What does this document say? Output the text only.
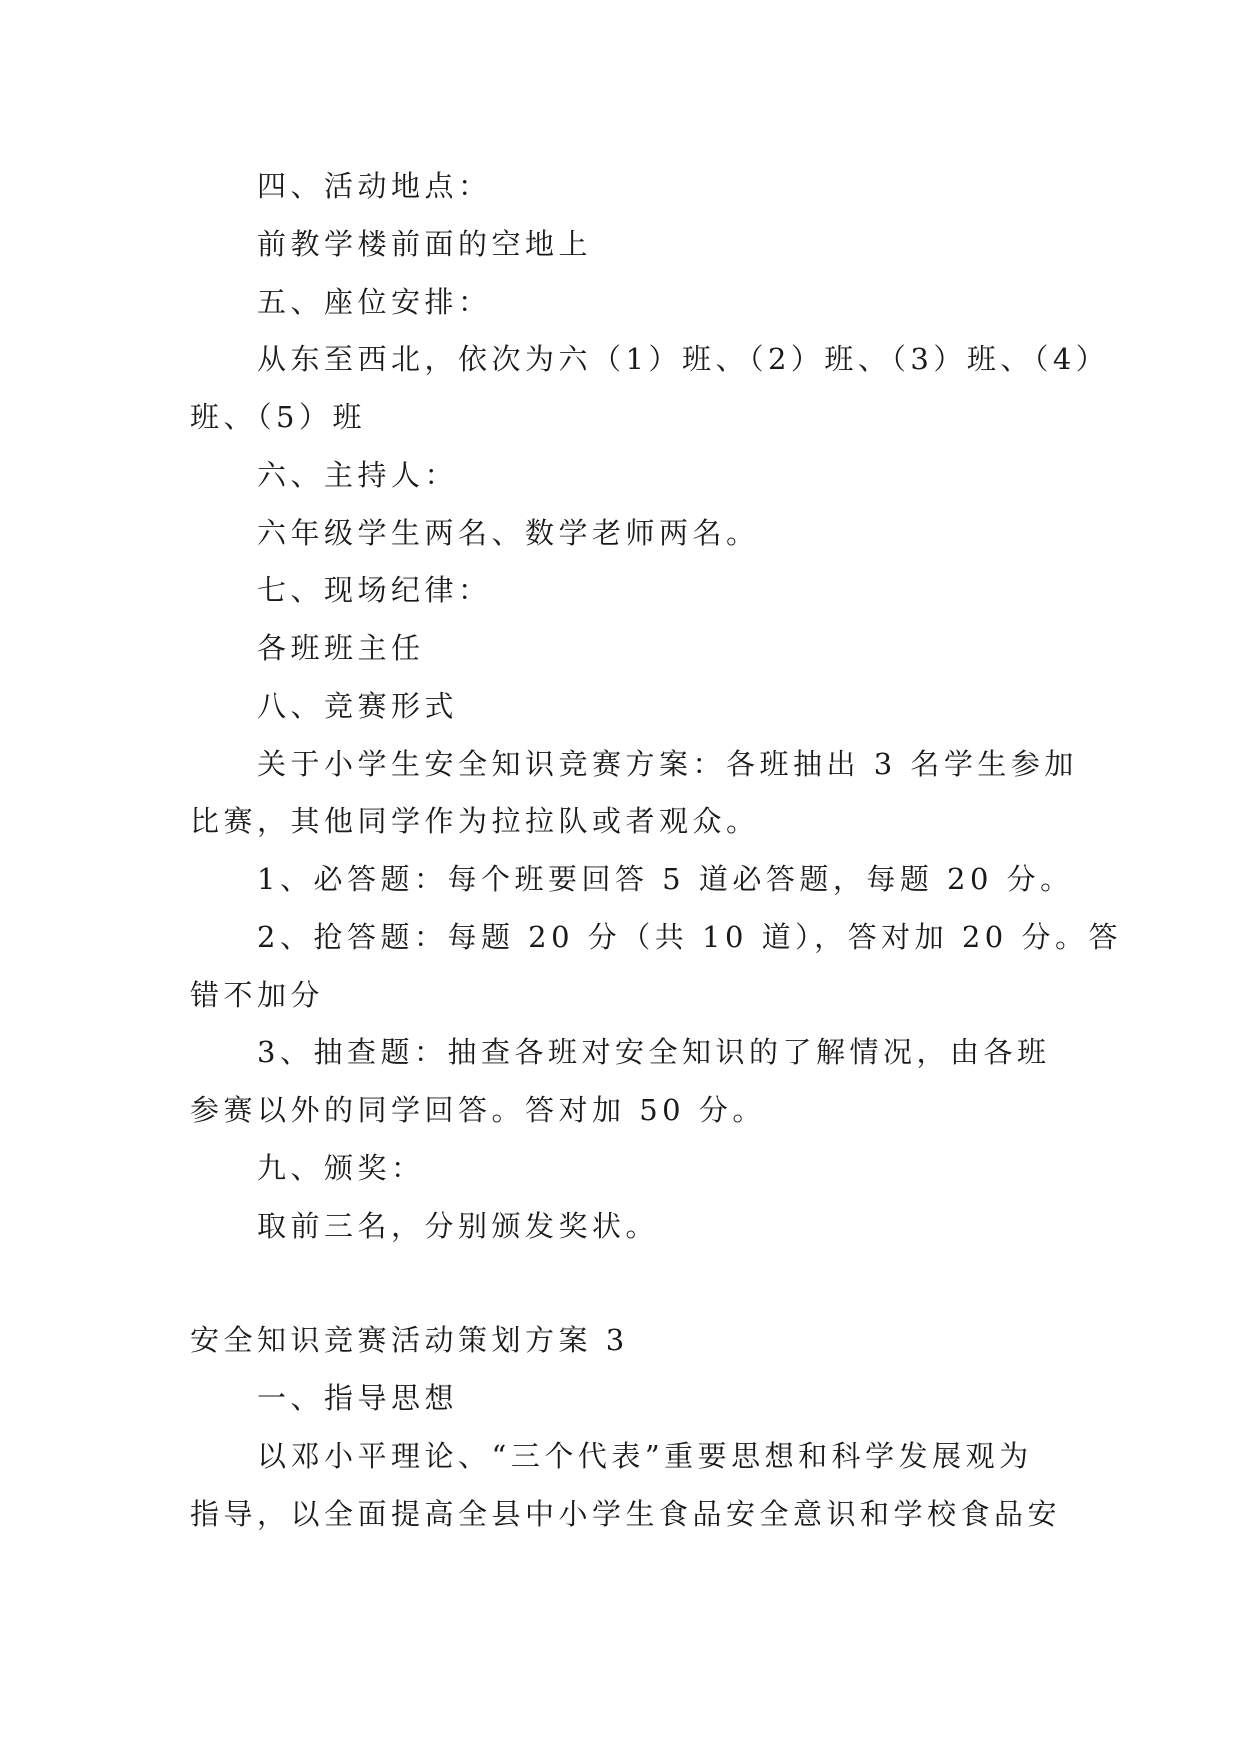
四、活动地点：
前教学楼前面的空地上
五、座位安排：
从东至西北，依次为六（1）班、（2）班、（3）班、（4）
班、（5）班
六、主持人：
六年级学生两名、数学老师两名。
七、现场纪律：
各班班主任
八、竞赛形式
关于小学生安全知识竞赛方案：各班抽出 3 名学生参加
比赛，其他同学作为拉拉队或者观众。
1、必答题：每个班要回答 5 道必答题，每题 20 分。
2、抢答题：每题 20 分（共 10 道），答对加 20 分。答
错不加分
3、抽查题：抽查各班对安全知识的了解情况，由各班
参赛以外的同学回答。答对加 50 分。
九、颁奖：
取前三名，分别颁发奖状。
安全知识竞赛活动策划方案 3
一、指导思想
以邓小平理论、“三个代表”重要思想和科学发展观为
指导，以全面提高全县中小学生食品安全意识和学校食品安
